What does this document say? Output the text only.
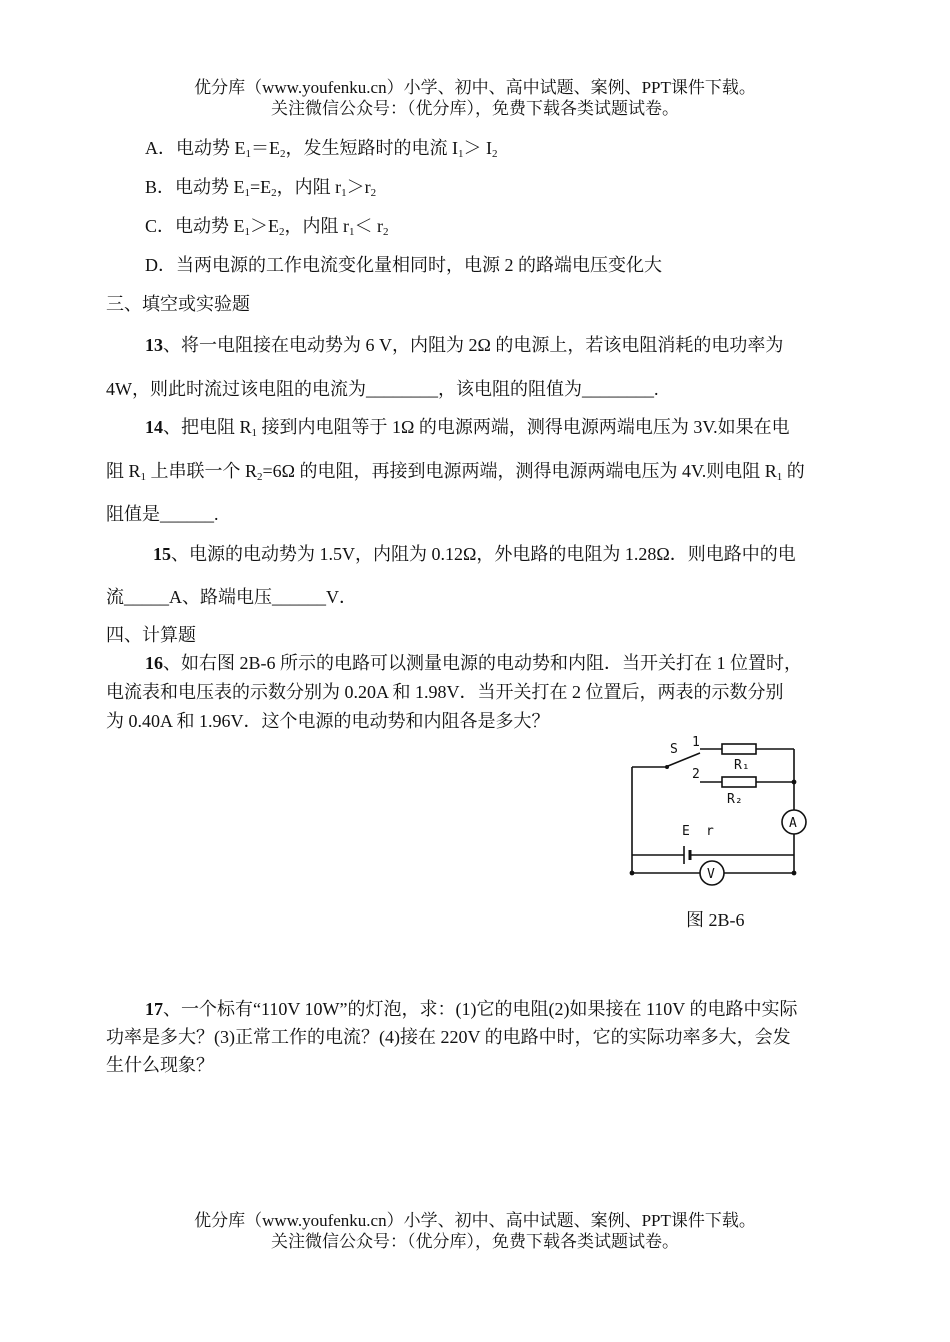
优分库（www.youfenku.cn）小学、初中、高中试题、案例、PPT课件下载。
关注微信公众号：（优分库），免费下载各类试题试卷。
A．电动势 $E_1=E_2$，发生短路时的电流 $I_1> I_2$
B．电动势 $E_1=E_2$，内阻 $r_1>r_2$
C．电动势 $E_1>E_2$，内阻 $r_1< r_2$
D．当两电源的工作电流变化量相同时，电源 2 的路端电压变化大
三、填空或实验题
13、将一电阻接在电动势为 6 V，内阻为 2Ω 的电源上，若该电阻消耗的电功率为
4W，则此时流过该电阻的电流为________，该电阻的阻值为________.
14、把电阻 $R_1$ 接到内电阻等于 1Ω 的电源两端，测得电源两端电压为 3V.如果在电
阻 $R_1$ 上串联一个 $R_2=6\Omega$ 的电阻，再接到电源两端，测得电源两端电压为 4V.则电阻 $R_1$ 的
阻值是______.
15、电源的电动势为 1.5V，内阻为 0.12Ω，外电路的电阻为 1.28Ω．则电路中的电
流_____A、路端电压______V．
四、计算题
16、如右图 2B-6 所示的电路可以测量电源的电动势和内阻．当开关打在 1 位置时，
电流表和电压表的示数分别为 0.20A 和 1.98V．当开关打在 2 位置后，两表的示数分别
为 0.40A 和 1.96V．这个电源的电动势和内阻各是多大？
S 1
2
R₁
R₂
E r
A
V
图 2B-6
17、一个标有“110V 10W”的灯泡，求：(1)它的电阻(2)如果接在 110V 的电路中实际
功率是多大？(3)正常工作的电流？(4)接在 220V 的电路中时，它的实际功率多大，会发
生什么现象？
优分库（www.youfenku.cn）小学、初中、高中试题、案例、PPT课件下载。
关注微信公众号：（优分库），免费下载各类试题试卷。
